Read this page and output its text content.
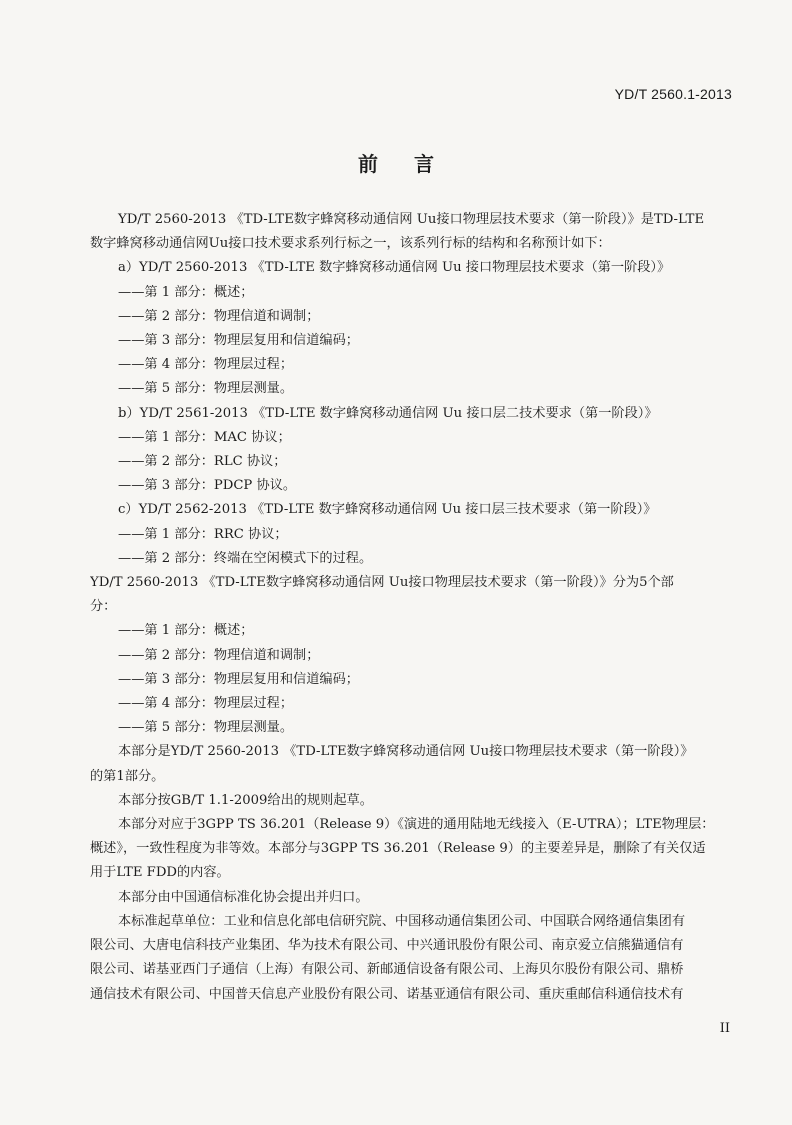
YD/T 2560.1-2013
前言
YD/T 2560-2013 《TD-LTE数字蜂窝移动通信网 Uu接口物理层技术要求（第一阶段）》是TD-LTE
数字蜂窝移动通信网Uu接口技术要求系列行标之一，该系列行标的结构和名称预计如下：
a）YD/T 2560-2013 《TD-LTE 数字蜂窝移动通信网 Uu 接口物理层技术要求（第一阶段）》
——第 1 部分：概述；
——第 2 部分：物理信道和调制；
——第 3 部分：物理层复用和信道编码；
——第 4 部分：物理层过程；
——第 5 部分：物理层测量。
b）YD/T 2561-2013 《TD-LTE 数字蜂窝移动通信网 Uu 接口层二技术要求（第一阶段）》
——第 1 部分：MAC 协议；
——第 2 部分：RLC 协议；
——第 3 部分：PDCP 协议。
c）YD/T 2562-2013 《TD-LTE 数字蜂窝移动通信网 Uu 接口层三技术要求（第一阶段）》
——第 1 部分：RRC 协议；
——第 2 部分：终端在空闲模式下的过程。
YD/T 2560-2013 《TD-LTE数字蜂窝移动通信网 Uu接口物理层技术要求（第一阶段）》分为5个部
分：
——第 1 部分：概述；
——第 2 部分：物理信道和调制；
——第 3 部分：物理层复用和信道编码；
——第 4 部分：物理层过程；
——第 5 部分：物理层测量。
本部分是YD/T 2560-2013 《TD-LTE数字蜂窝移动通信网 Uu接口物理层技术要求（第一阶段）》
的第1部分。
本部分按GB/T 1.1-2009给出的规则起草。
本部分对应于3GPP TS 36.201（Release 9）《演进的通用陆地无线接入（E-UTRA）；LTE物理层：
概述》，一致性程度为非等效。本部分与3GPP TS 36.201（Release 9）的主要差异是，删除了有关仅适
用于LTE FDD的内容。
本部分由中国通信标准化协会提出并归口。
本标准起草单位：工业和信息化部电信研究院、中国移动通信集团公司、中国联合网络通信集团有
限公司、大唐电信科技产业集团、华为技术有限公司、中兴通讯股份有限公司、南京爱立信熊猫通信有
限公司、诺基亚西门子通信（上海）有限公司、新邮通信设备有限公司、上海贝尔股份有限公司、鼎桥
通信技术有限公司、中国普天信息产业股份有限公司、诺基亚通信有限公司、重庆重邮信科通信技术有
II
